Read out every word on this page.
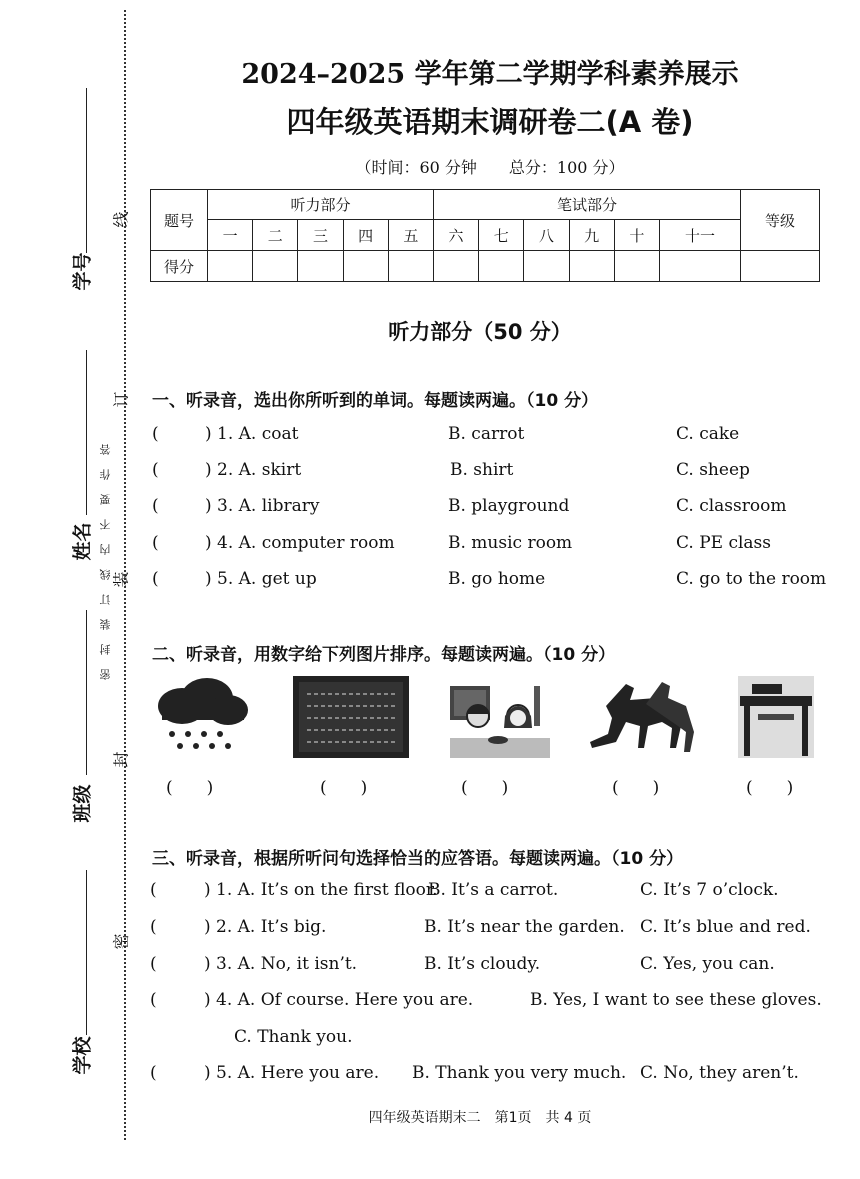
学号
姓名
班级
学校
线
订
装
封
密
密封装订线内不要作答
2024–2025 学年第二学期学科素养展示
四年级英语期末调研卷二(A 卷)
（时间：60 分钟　　总分：100 分）
题号	听力部分					笔试部分						等级
	一	二	三	四	五	六	七	八	九	十	十一	
得分												
听力部分（50 分）
一、听录音，选出你所听到的单词。每题读两遍。（10 分）
(	) 1. A. coat	B. carrot	C. cake
(	) 2. A. skirt	B. shirt	C. sheep
(	) 3. A. library	B. playground	C. classroom
(	) 4. A. computer room	B. music room	C. PE class
(	) 5. A. get up	B. go home	C. go to the room
二、听录音，用数字给下列图片排序。每题读两遍。（10 分）
(　　)	(　　)	(　　)	(　　)	(　　)
三、听录音，根据所听问句选择恰当的应答语。每题读两遍。（10 分）
(	) 1. A. It’s on the first floor.
B. It’s a carrot.	C. It’s 7 o’clock.
(	) 2. A. It’s big.	B. It’s near the garden. C. It’s blue and red.
(	) 3. A. No, it isn’t.	B. It’s cloudy.	C. Yes, you can.
(	) 4. A. Of course. Here you are.	B. Yes, I want to see these gloves.
C. Thank you.
(	) 5. A. Here you are. B. Thank you very much. C. No, they aren’t.
四年级英语期末二　第1页　共 4 页
